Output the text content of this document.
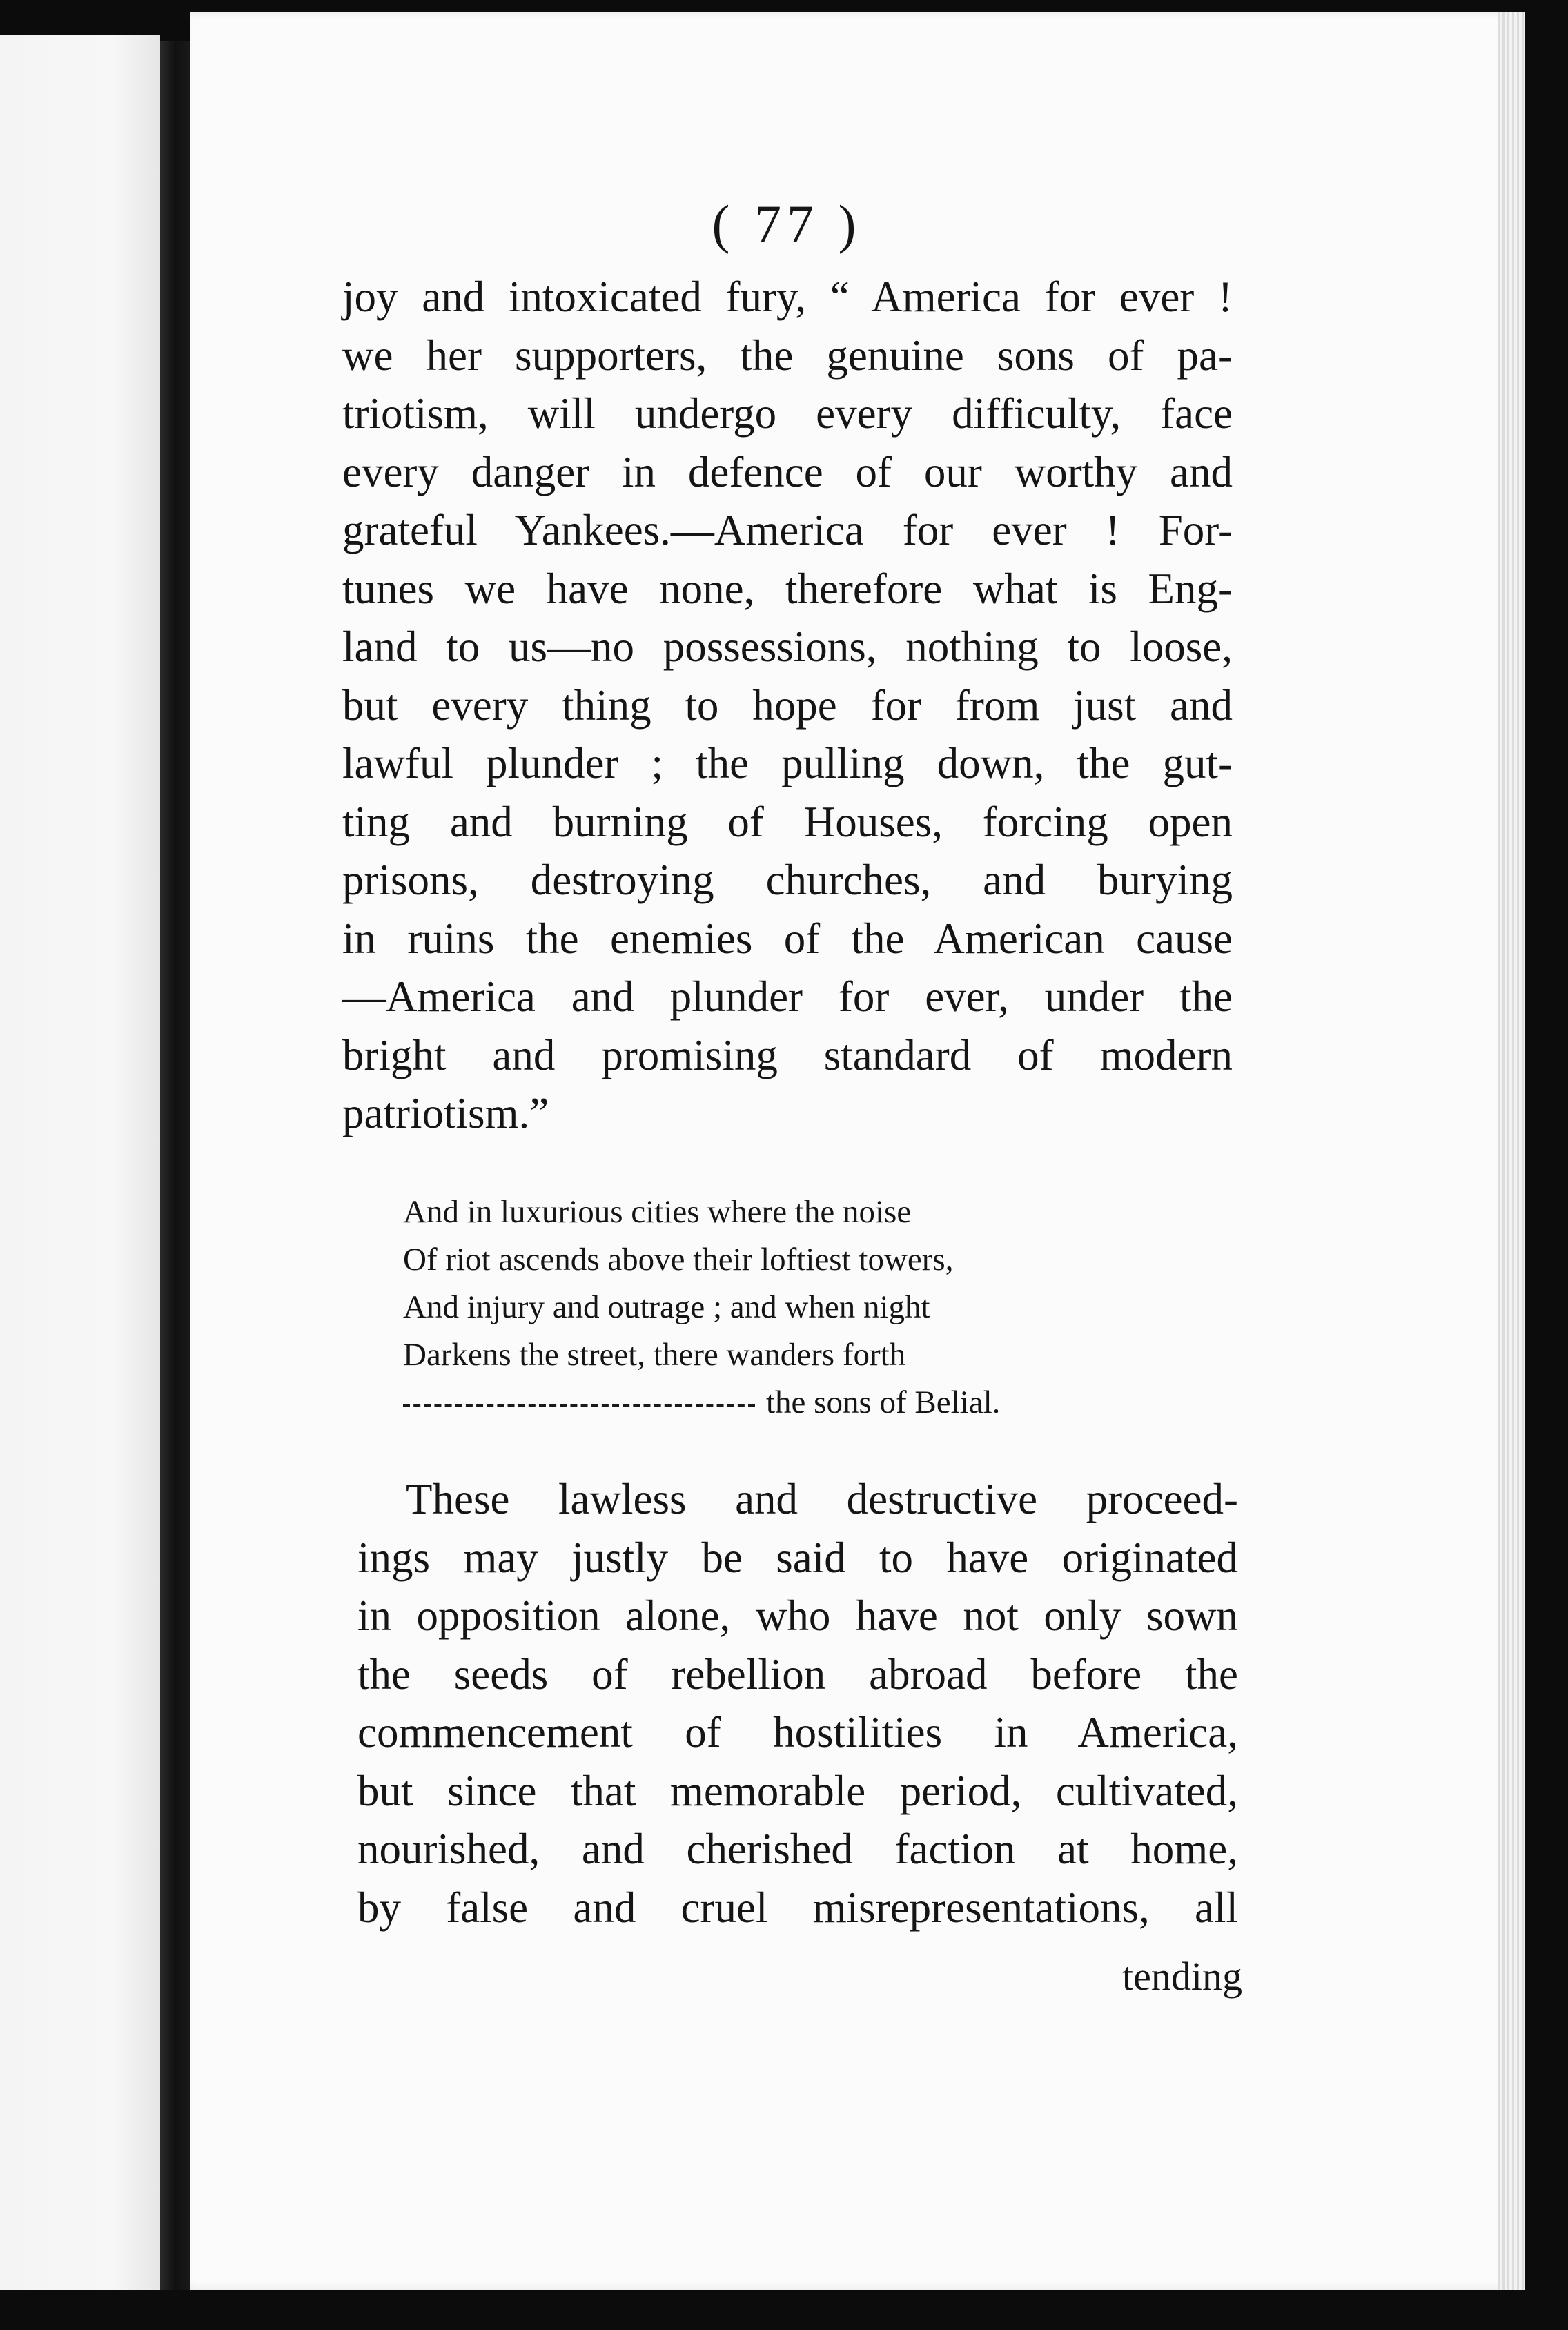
( 77 )
joy and intoxicated fury, “ America for ever !
we her supporters, the genuine sons of pa-
triotism, will undergo every difficulty, face
every danger in defence of our worthy and
grateful Yankees.—America for ever ! For-
tunes we have none, therefore what is Eng-
land to us—no possessions, nothing to loose,
but every thing to hope for from just and
lawful plunder ; the pulling down, the gut-
ting and burning of Houses, forcing open
prisons, destroying churches, and burying
in ruins the enemies of the American cause
—America and plunder for ever, under the
bright and promising standard of modern
patriotism.”
And in luxurious cities where the noise
Of riot ascends above their loftiest towers,
And injury and outrage ; and when night
Darkens the street, there wanders forth
the sons of Belial.
These lawless and destructive proceed-
ings may justly be said to have originated
in opposition alone, who have not only sown
the seeds of rebellion abroad before the
commencement of hostilities in America,
but since that memorable period, cultivated,
nourished, and cherished faction at home,
by false and cruel misrepresentations, all
tending
